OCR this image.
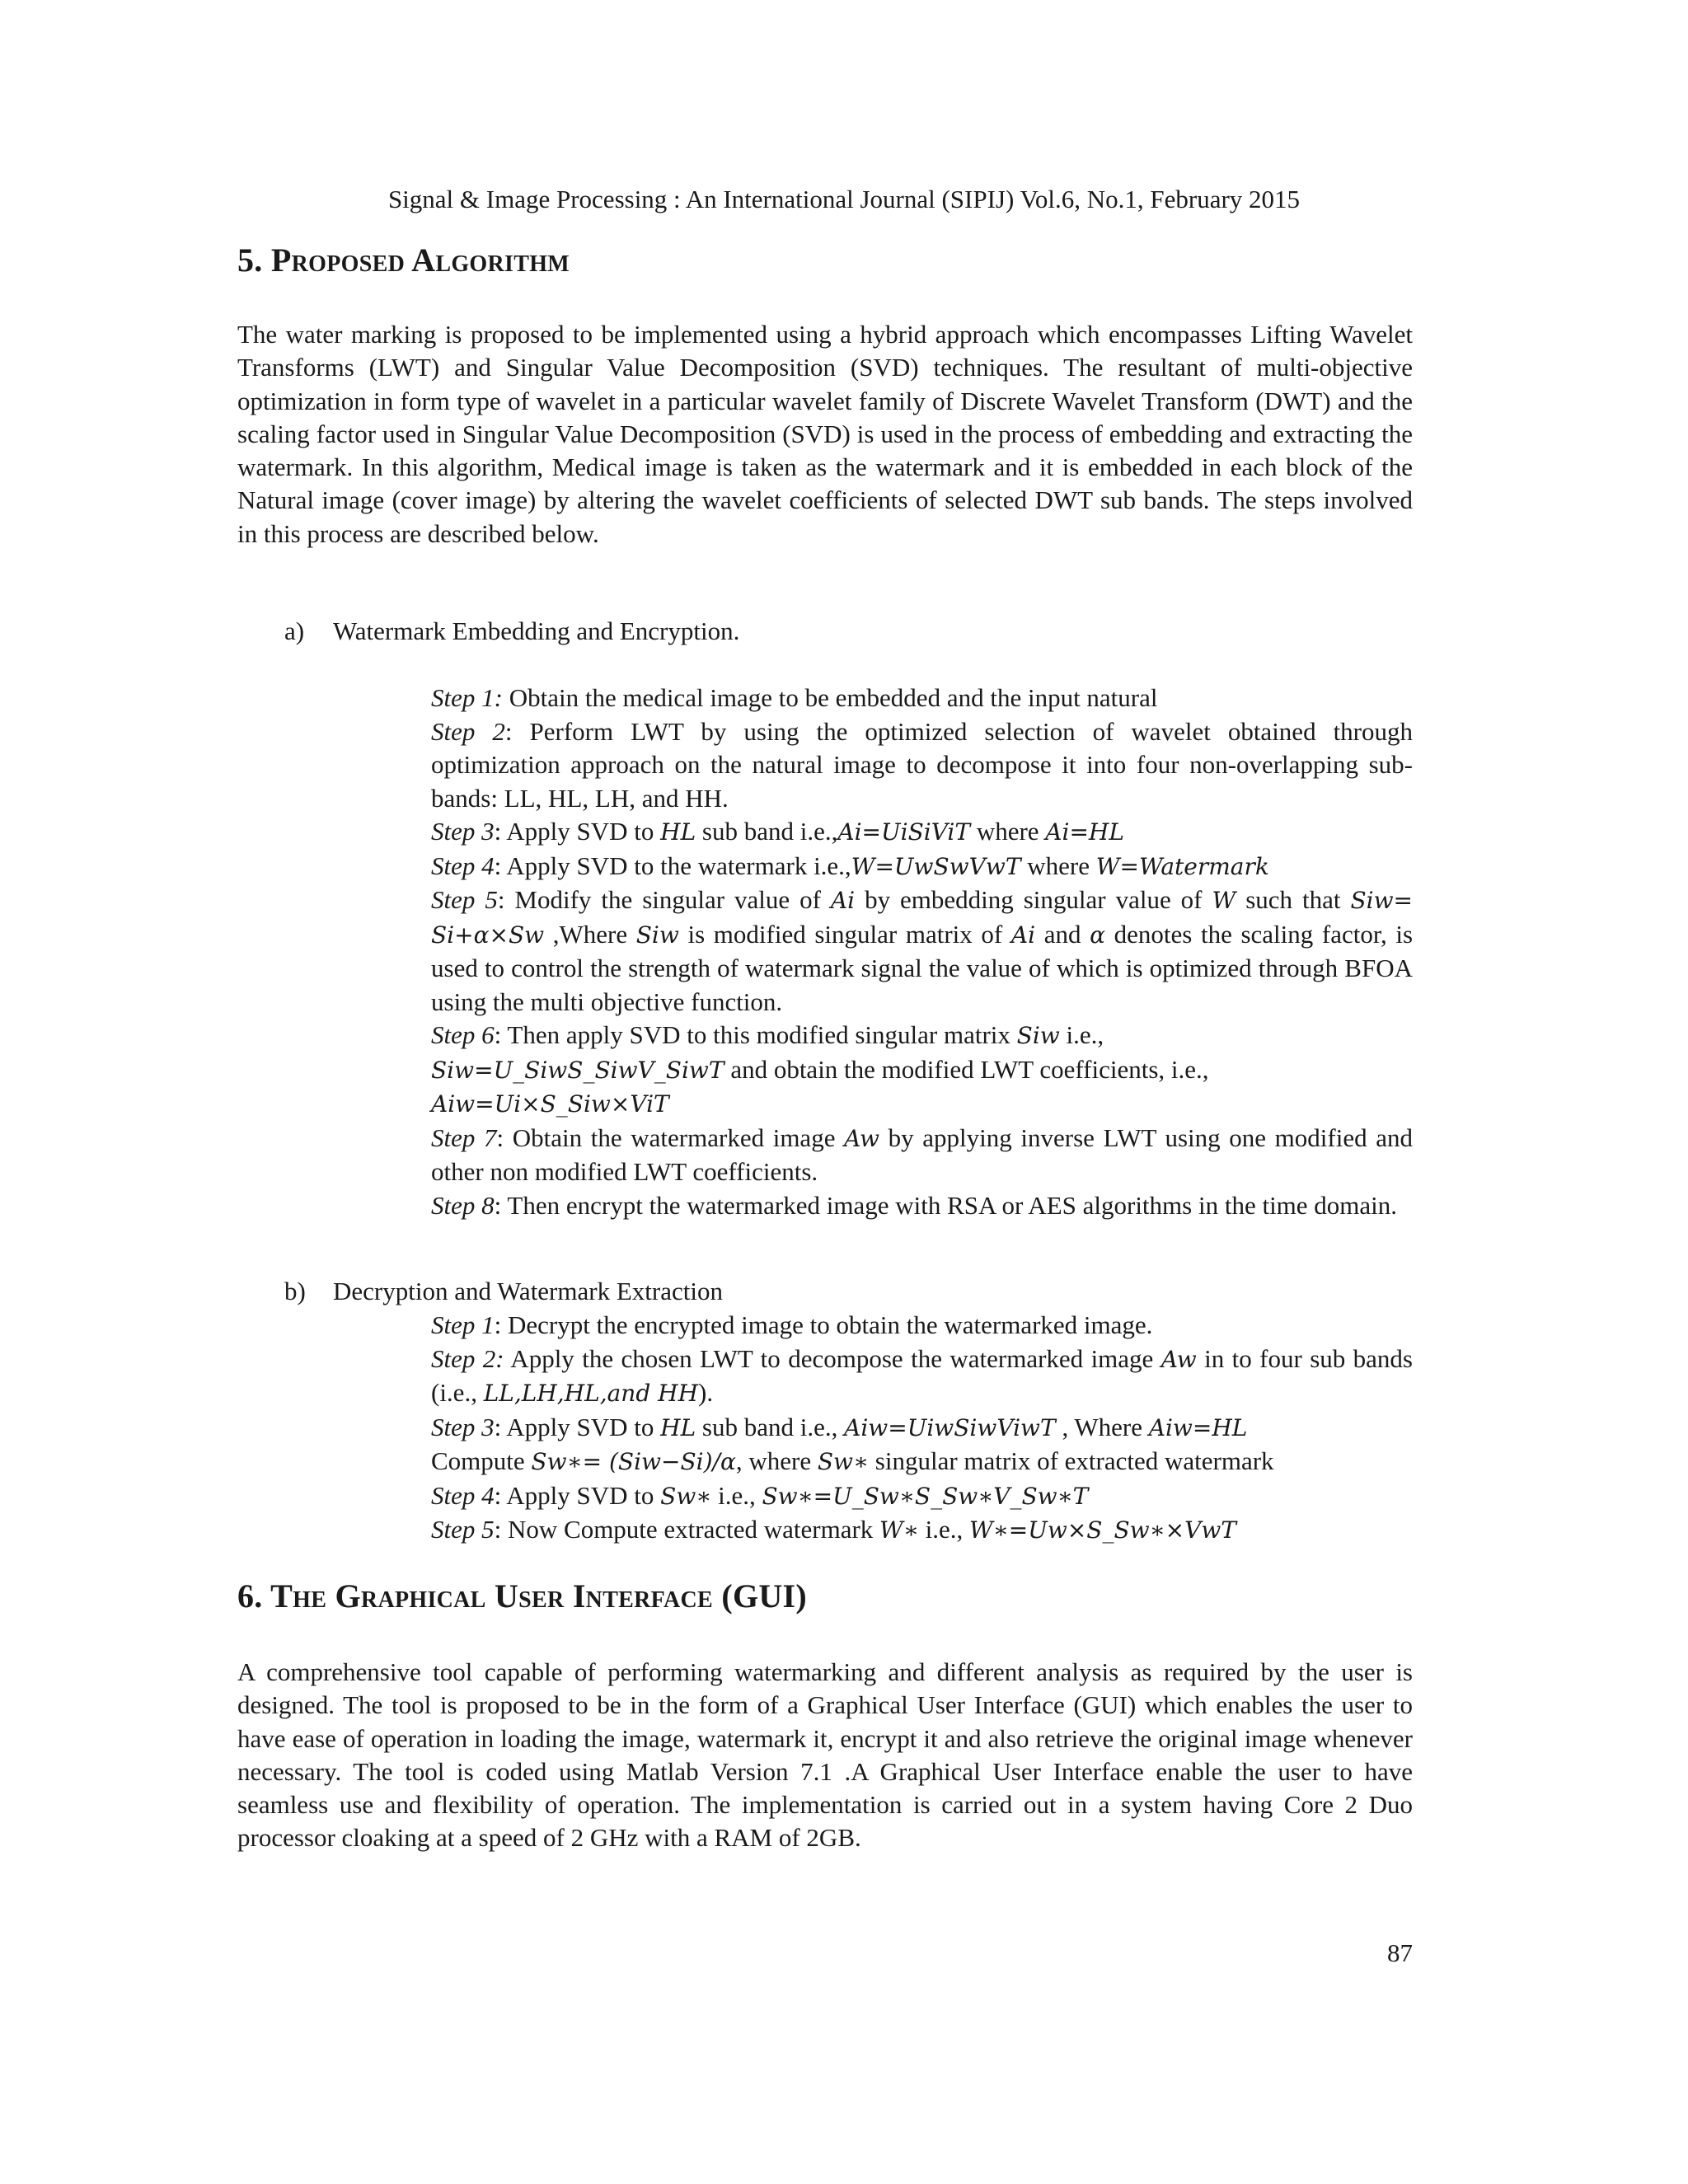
Signal & Image Processing : An International Journal (SIPIJ) Vol.6, No.1, February 2015
5. Proposed Algorithm
The water marking is proposed to be implemented using a hybrid approach which encompasses Lifting Wavelet Transforms (LWT) and Singular Value Decomposition (SVD) techniques. The resultant of multi-objective optimization in form type of wavelet in a particular wavelet family of Discrete Wavelet Transform (DWT) and the scaling factor used in Singular Value Decomposition (SVD) is used in the process of embedding and extracting the watermark. In this algorithm, Medical image is taken as the watermark and it is embedded in each block of the Natural image (cover image) by altering the wavelet coefficients of selected DWT sub bands. The steps involved in this process are described below.
a) Watermark Embedding and Encryption.

Step 1: Obtain the medical image to be embedded and the input natural

Step 2: Perform LWT by using the optimized selection of wavelet obtained through optimization approach on the natural image to decompose it into four non-overlapping sub-bands: LL, HL, LH, and HH.

Step 3: Apply SVD to HL sub band i.e.,Ai=UiSiViT where Ai=HL

Step 4: Apply SVD to the watermark i.e.,W=UwSwVwT where W=Watermark

Step 5: Modify the singular value of Ai by embedding singular value of W such that Siw= Si+α×Sw ,Where Siw is modified singular matrix of Ai and α denotes the scaling factor, is used to control the strength of watermark signal the value of which is optimized through BFOA using the multi objective function.

Step 6: Then apply SVD to this modified singular matrix Siw i.e.,
Siw=U_SiwS_SiwV_SiwT and obtain the modified LWT coefficients, i.e.,
Aiw=Ui×S_Siw×ViT

Step 7: Obtain the watermarked image Aw by applying inverse LWT using one modified and other non modified LWT coefficients.

Step 8: Then encrypt the watermarked image with RSA or AES algorithms in the time domain.

b) Decryption and Watermark Extraction

Step 1: Decrypt the encrypted image to obtain the watermarked image.

Step 2: Apply the chosen LWT to decompose the watermarked image Aw in to four sub bands (i.e., LL,LH,HL,and HH).

Step 3: Apply SVD to HL sub band i.e., Aiw=UiwSiwViwT , Where Aiw=HL

Compute Sw∗= (Siw−Si)/α, where Sw∗ singular matrix of extracted watermark

Step 4: Apply SVD to Sw∗ i.e., Sw∗=U_Sw∗S_Sw∗V_Sw∗T

Step 5: Now Compute extracted watermark W∗ i.e., W∗=Uw×S_Sw∗×VwT

6. The Graphical User Interface (GUI)
A comprehensive tool capable of performing watermarking and different analysis as required by the user is designed. The tool is proposed to be in the form of a Graphical User Interface (GUI) which enables the user to have ease of operation in loading the image, watermark it, encrypt it and also retrieve the original image whenever necessary. The tool is coded using Matlab Version 7.1 .A Graphical User Interface enable the user to have seamless use and flexibility of operation. The implementation is carried out in a system having Core 2 Duo processor cloaking at a speed of 2 GHz with a RAM of 2GB.
87
